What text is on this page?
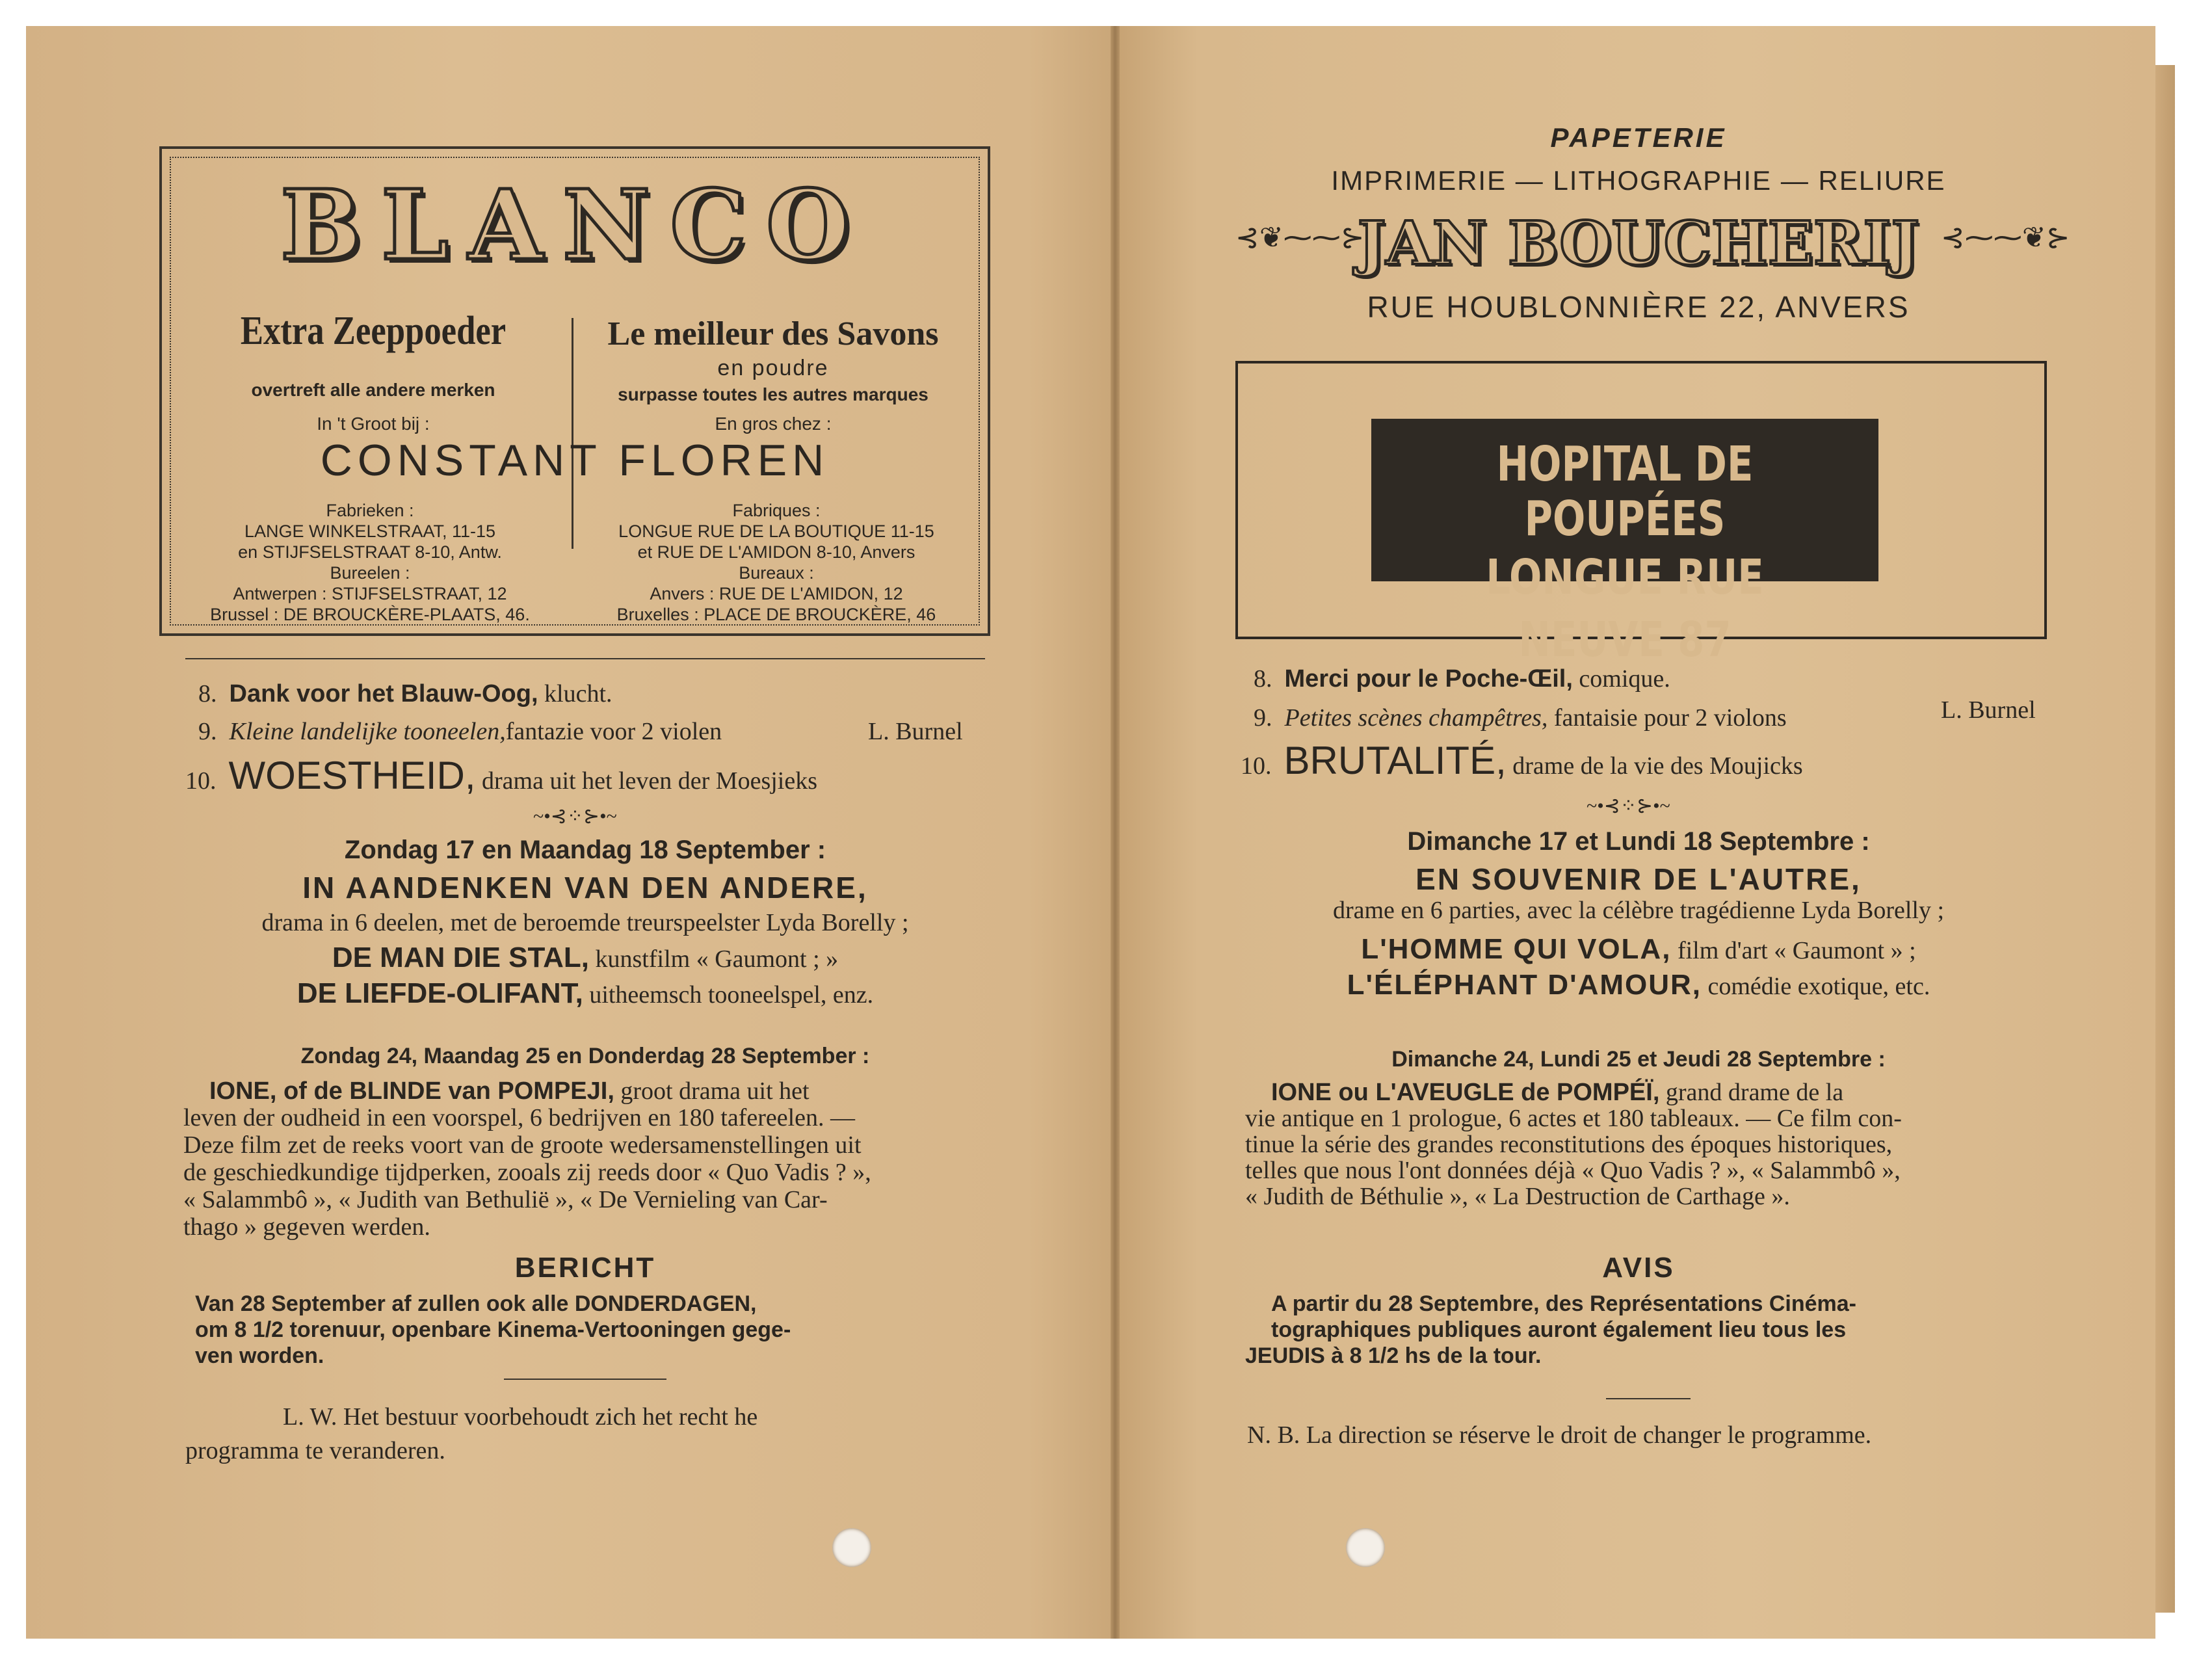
BLANCO
Extra Zeeppoeder
overtreft alle andere merken
In 't Groot bij :
Le meilleur des Savons
en poudre
surpasse toutes les autres marques
En gros chez :
CONSTANT FLOREN
Fabrieken :
LANGE WINKELSTRAAT, 11-15
en STIJFSELSTRAAT 8-10, Antw.
Bureelen :
Antwerpen : STIJFSELSTRAAT, 12
Brussel : DE BROUCKÈRE-PLAATS, 46.
Fabriques :
LONGUE RUE DE LA BOUTIQUE 11-15
et RUE DE L'AMIDON 8-10, Anvers
Bureaux :
Anvers : RUE DE L'AMIDON, 12
Bruxelles : PLACE DE BROUCKÈRE, 46
8. Dank voor het Blauw-Oog, klucht.
9. Kleine landelijke tooneelen,fantazie voor 2 violen	L. Burnel
10. WOESTHEID, drama uit het leven der Moesjieks
~•⊰⁘⊱•~
Zondag 17 en Maandag 18 September :
IN AANDENKEN VAN DEN ANDERE,
drama in 6 deelen, met de beroemde treurspeelster Lyda Borelly ;
DE MAN DIE STAL, kunstfilm « Gaumont ; »
DE LIEFDE-OLIFANT, uitheemsch tooneelspel, enz.
Zondag 24, Maandag 25 en Donderdag 28 September :
IONE, of de BLINDE van POMPEJI, groot drama uit het
leven der oudheid in een voorspel, 6 bedrijven en 180 tafereelen. —
Deze film zet de reeks voort van de groote wedersamenstellingen uit
de geschiedkundige tijdperken, zooals zij reeds door « Quo Vadis ? »,
« Salammbô », « Judith van Bethulië », « De Vernieling van Car-
thago » gegeven werden.
BERICHT
Van 28 September af zullen ook alle DONDERDAGEN,
om 8 1/2 torenuur, openbare Kinema-Vertooningen gege-
ven worden.
L. W. Het bestuur voorbehoudt zich het recht he
programma te veranderen.
PAPETERIE
IMPRIMERIE — LITHOGRAPHIE — RELIURE
⊰❦⁓⁓⊱
JAN BOUCHERIJ ⊰⁓⁓❦⊱
RUE HOUBLONNIÈRE 22, ANVERS
HOPITAL DE POUPÉES
LONGUE RUE NEUVE 87
8. Merci pour le Poche-Œil, comique.
9. Petites scènes champêtres, fantaisie pour 2 violons	L. Burnel
10. BRUTALITÉ, drame de la vie des Moujicks
~•⊰⁘⊱•~
Dimanche 17 et Lundi 18 Septembre :
EN SOUVENIR DE L'AUTRE,
drame en 6 parties, avec la célèbre tragédienne Lyda Borelly ;
L'HOMME QUI VOLA, film d'art « Gaumont » ;
L'ÉLÉPHANT D'AMOUR, comédie exotique, etc.
Dimanche 24, Lundi 25 et Jeudi 28 Septembre :
IONE ou L'AVEUGLE de POMPÉÏ, grand drame de la
vie antique en 1 prologue, 6 actes et 180 tableaux. — Ce film con-
tinue la série des grandes reconstitutions des époques historiques,
telles que nous l'ont données déjà « Quo Vadis ? », « Salammbô »,
« Judith de Béthulie », « La Destruction de Carthage ».
AVIS
A partir du 28 Septembre, des Représentations Cinéma-
tographiques publiques auront également lieu tous les
JEUDIS à 8 1/2 hs de la tour.
N. B. La direction se réserve le droit de changer le programme.
